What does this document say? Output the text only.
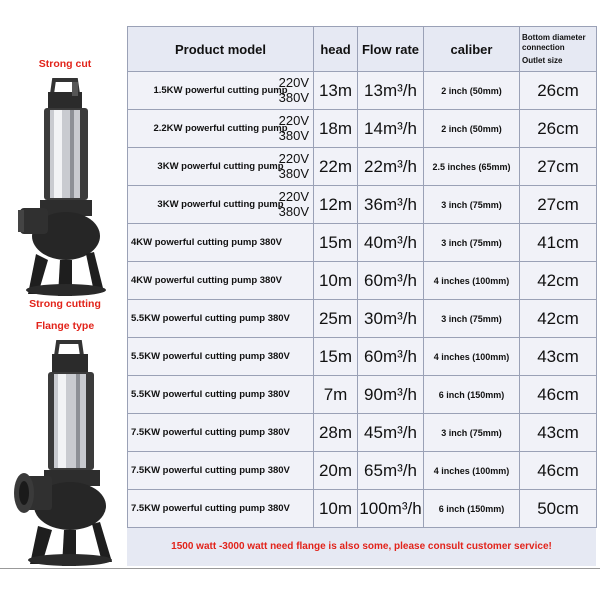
Strong cut
Strong cutting
Flange type
Product model	head	Flow rate	caliber	Bottom diameter
connection
Outlet size

1.5KW powerful cutting pump
220V
380V	13m	13m³/h	2 inch (50mm)	26cm
2.2KW powerful cutting pump
220V
380V	18m	14m³/h	2 inch (50mm)	26cm
3KW powerful cutting pump
220V
380V	22m	22m³/h	2.5 inches (65mm)	27cm
3KW powerful cutting pump
220V
380V	12m	36m³/h	3 inch (75mm)	27cm
4KW powerful cutting pump 380V	15m	40m³/h	3 inch (75mm)	41cm
4KW powerful cutting pump 380V	10m	60m³/h	4 inches (100mm)	42cm
5.5KW powerful cutting pump 380V	25m	30m³/h	3 inch (75mm)	42cm
5.5KW powerful cutting pump 380V	15m	60m³/h	4 inches (100mm)	43cm
5.5KW powerful cutting pump 380V	7m	90m³/h	6 inch (150mm)	46cm
7.5KW powerful cutting pump 380V	28m	45m³/h	3 inch (75mm)	43cm
7.5KW powerful cutting pump 380V	20m	65m³/h	4 inches (100mm)	46cm
7.5KW powerful cutting pump 380V	10m	100m³/h	6 inch (150mm)	50cm
1500 watt -3000 watt need flange is also some, please consult customer service!
